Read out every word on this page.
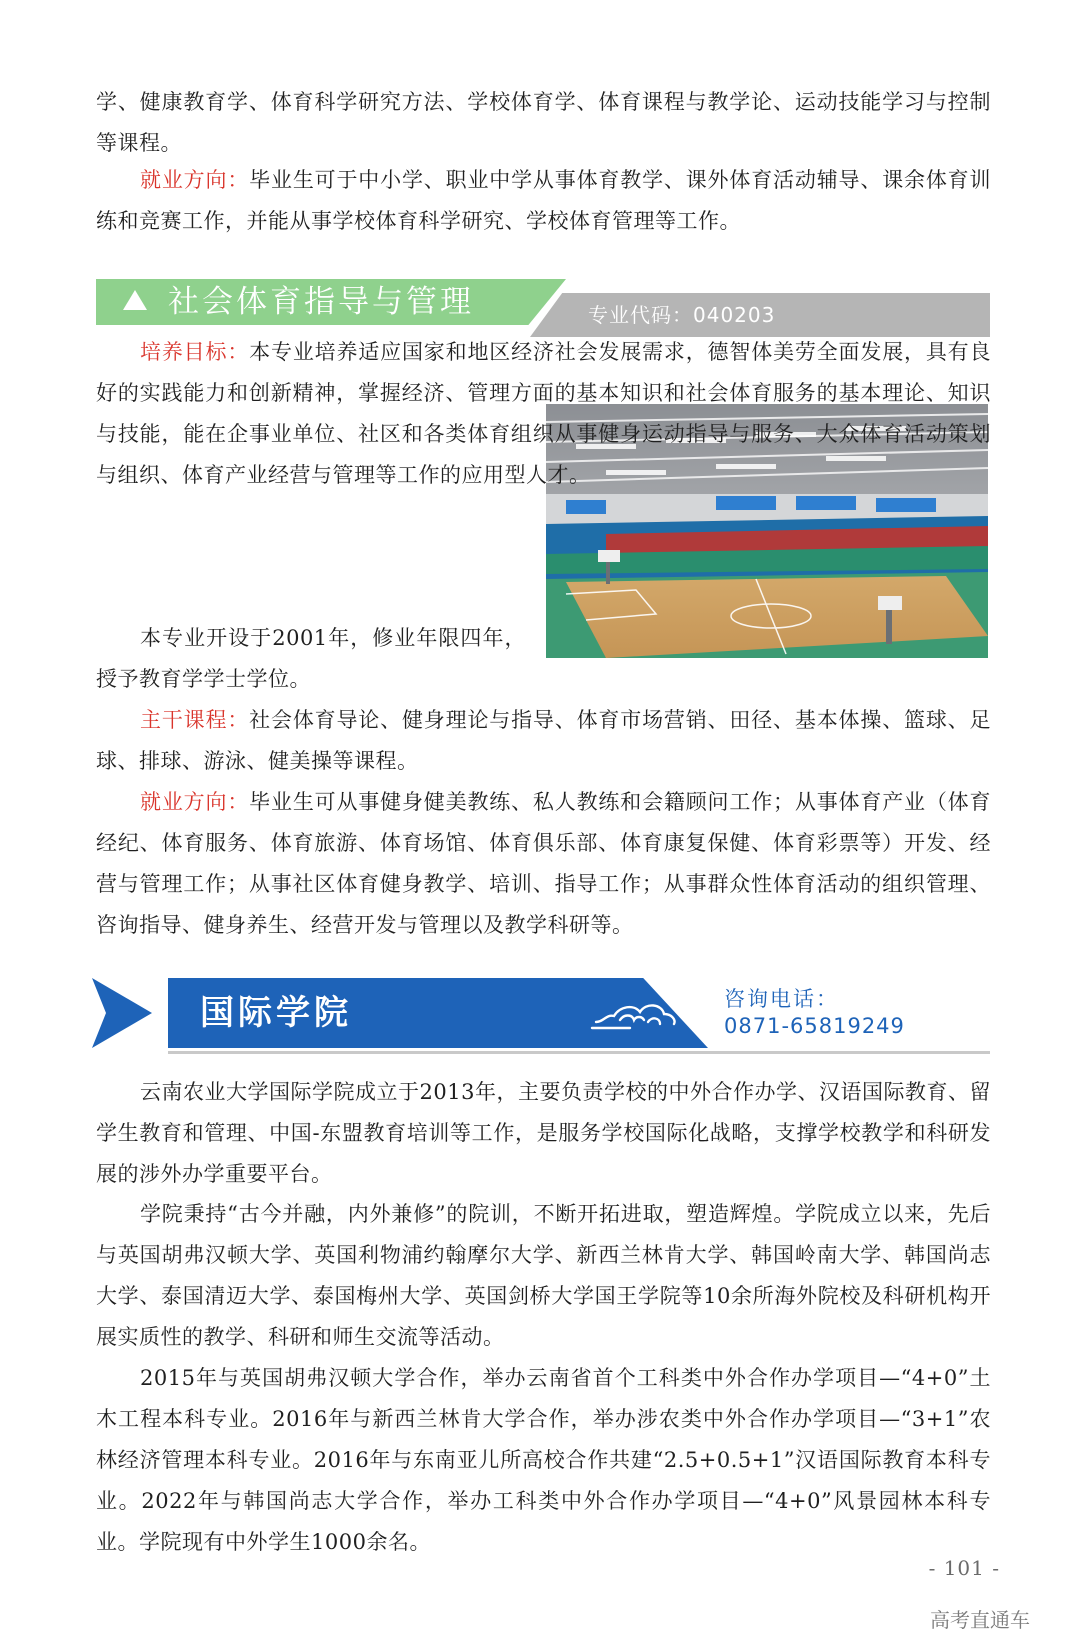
学、健康教育学、体育科学研究方法、学校体育学、体育课程与教学论、运动技能学习与控制等课程。

就业方向：毕业生可于中小学、职业中学从事体育教学、课外体育活动辅导、课余体育训练和竞赛工作，并能从事学校体育科学研究、学校体育管理等工作。

社会体育指导与管理	专业代码：040203

培养目标：本专业培养适应国家和地区经济社会发展需求，德智体美劳全面发展，具有良好的实践能力和创新精神，掌握经济、管理方面的基本知识和社会体育服务的基本理论、知识与技能，能在企事业单位、社区和各类体育组织从事健身运动指导与服务、大众体育活动策划与组织、体育产业经营与管理等工作的应用型人才。

本专业开设于2001年，修业年限四年，授予教育学学士学位。

主干课程：社会体育导论、健身理论与指导、体育市场营销、田径、基本体操、篮球、足球、排球、游泳、健美操等课程。

就业方向：毕业生可从事健身健美教练、私人教练和会籍顾问工作；从事体育产业（体育经纪、体育服务、体育旅游、体育场馆、体育俱乐部、体育康复保健、体育彩票等）开发、经营与管理工作；从事社区体育健身教学、培训、指导工作；从事群众性体育活动的组织管理、咨询指导、健身养生、经营开发与管理以及教学科研等。

国际学院	咨询电话：
0871-65819249

云南农业大学国际学院成立于2013年，主要负责学校的中外合作办学、汉语国际教育、留学生教育和管理、中国-东盟教育培训等工作，是服务学校国际化战略，支撑学校教学和科研发展的涉外办学重要平台。

学院秉持“古今并融，内外兼修”的院训，不断开拓进取，塑造辉煌。学院成立以来，先后与英国胡弗汉顿大学、英国利物浦约翰摩尔大学、新西兰林肯大学、韩国岭南大学、韩国尚志大学、泰国清迈大学、泰国梅州大学、英国剑桥大学国王学院等10余所海外院校及科研机构开展实质性的教学、科研和师生交流等活动。

2015年与英国胡弗汉顿大学合作，举办云南省首个工科类中外合作办学项目—“4+0”土木工程本科专业。2016年与新西兰林肯大学合作，举办涉农类中外合作办学项目—“3+1”农林经济管理本科专业。2016年与东南亚儿所高校合作共建“2.5+0.5+1”汉语国际教育本科专业。2022年与韩国尚志大学合作，举办工科类中外合作办学项目—“4+0”风景园林本科专业。学院现有中外学生1000余名。

- 101 -
高考直通车
